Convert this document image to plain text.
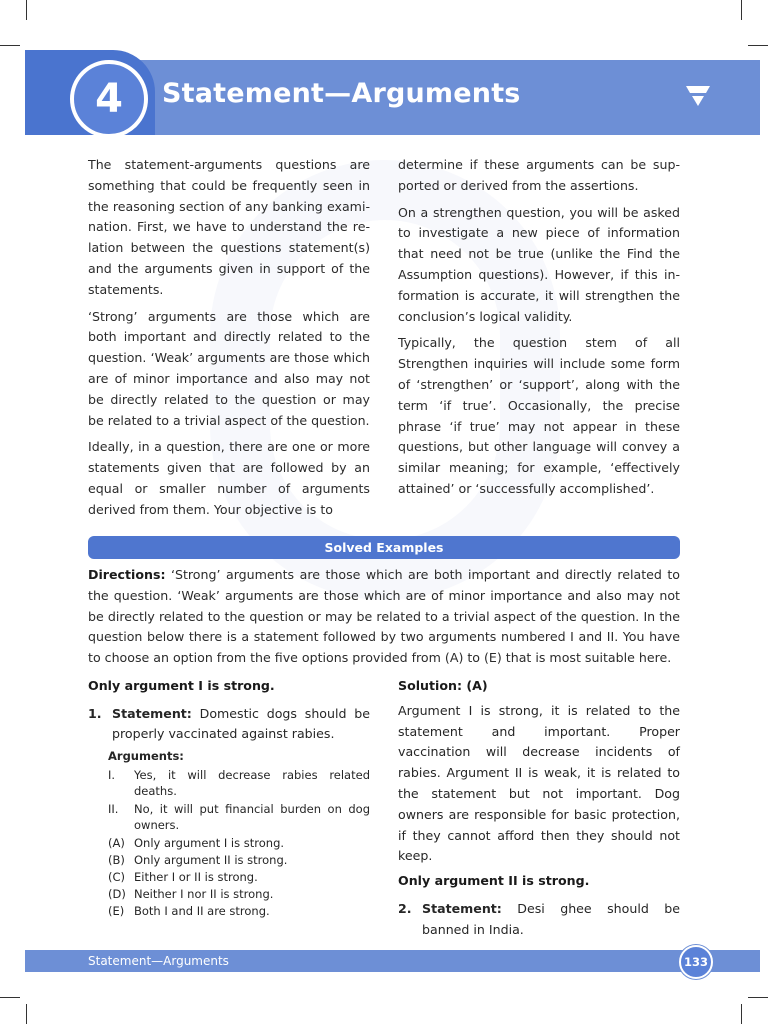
4	Statement—Arguments

The statement-arguments questions are something that could be frequently seen in the reasoning section of any banking examination. First, we have to understand the relation between the questions statement(s) and the arguments given in support of the statements.

‘Strong’ arguments are those which are both important and directly related to the question. ‘Weak’ arguments are those which are of minor importance and also may not be directly related to the question or may be related to a trivial aspect of the question.

Ideally, in a question, there are one or more statements given that are followed by an equal or smaller number of arguments derived from them. Your objective is to

determine if these arguments can be supported or derived from the assertions.

On a strengthen question, you will be asked to investigate a new piece of information that need not be true (unlike the Find the Assumption questions). However, if this information is accurate, it will strengthen the conclusion’s logical validity.

Typically, the question stem of all Strengthen inquiries will include some form of ‘strengthen’ or ‘support’, along with the term ‘if true’. Occasionally, the precise phrase ‘if true’ may not appear in these questions, but other language will convey a similar meaning; for example, ‘effectively attained’ or ‘successfully accomplished’.

Solved Examples
Directions: ‘Strong’ arguments are those which are both important and directly related to the question. ‘Weak’ arguments are those which are of minor importance and also may not be directly related to the question or may be related to a trivial aspect of the question. In the question below there is a statement followed by two arguments numbered I and II. You have to choose an option from the five options provided from (A) to (E) that is most suitable here.
Only argument I is strong.
1. Statement: Domestic dogs should be properly vaccinated against rabies.
Arguments:
I.	Yes, it will decrease rabies related deaths.
II.	No, it will put financial burden on dog owners.
(A) Only argument I is strong.
(B) Only argument II is strong.
(C) Either I or II is strong.
(D) Neither I nor II is strong.
(E) Both I and II are strong.
Solution: (A)

Argument I is strong, it is related to the statement and important. Proper vaccination will decrease incidents of rabies. Argument II is weak, it is related to the statement but not important. Dog owners are responsible for basic protection, if they cannot afford then they should not keep.

Only argument II is strong.
2. Statement: Desi ghee should be banned in India.
Statement—Arguments	133
